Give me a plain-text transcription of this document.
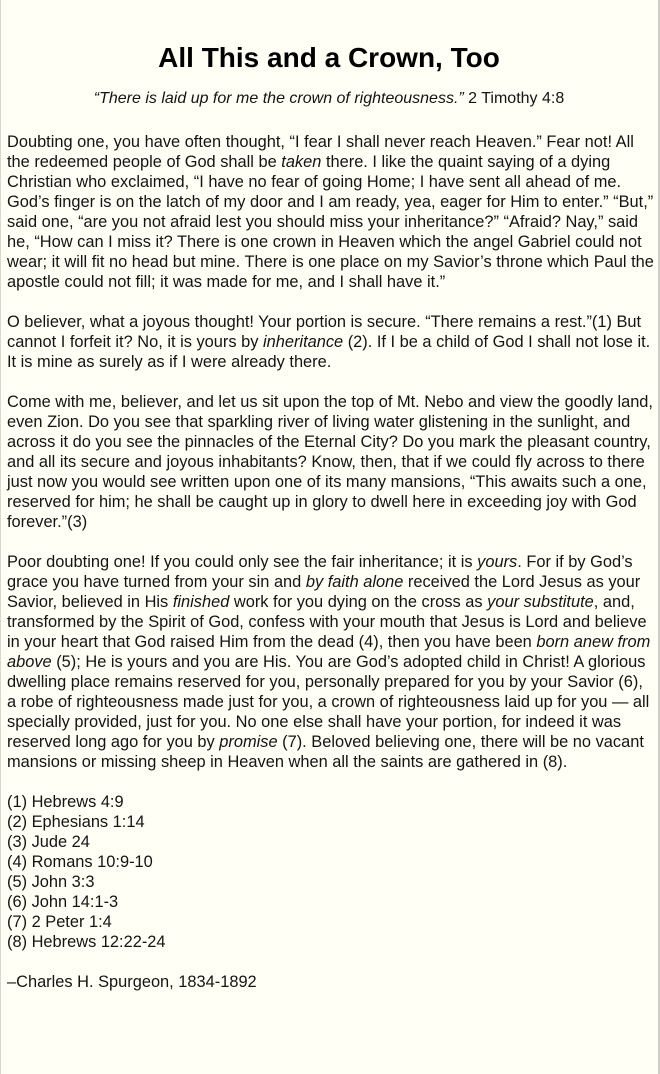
All This and a Crown, Too
“There is laid up for me the crown of righteousness.” 2 Timothy 4:8

Doubting one, you have often thought, “I fear I shall never reach Heaven.” Fear not! All the redeemed people of God shall be taken there. I like the quaint saying of a dying Christian who exclaimed, “I have no fear of going Home; I have sent all ahead of me. God’s finger is on the latch of my door and I am ready, yea, eager for Him to enter.” “But,” said one, “are you not afraid lest you should miss your inheritance?” “Afraid? Nay,” said he, “How can I miss it? There is one crown in Heaven which the angel Gabriel could not wear; it will fit no head but mine. There is one place on my Savior’s throne which Paul the apostle could not fill; it was made for me, and I shall have it.”

O believer, what a joyous thought! Your portion is secure. “There remains a rest.”(1) But cannot I forfeit it? No, it is yours by inheritance (2). If I be a child of God I shall not lose it. It is mine as surely as if I were already there.

Come with me, believer, and let us sit upon the top of Mt. Nebo and view the goodly land, even Zion. Do you see that sparkling river of living water glistening in the sunlight, and across it do you see the pinnacles of the Eternal City? Do you mark the pleasant country, and all its secure and joyous inhabitants? Know, then, that if we could fly across to there just now you would see written upon one of its many mansions, “This awaits such a one, reserved for him; he shall be caught up in glory to dwell here in exceeding joy with God forever.”(3)

Poor doubting one! If you could only see the fair inheritance; it is yours. For if by God’s grace you have turned from your sin and by faith alone received the Lord Jesus as your Savior, believed in His finished work for you dying on the cross as your substitute, and, transformed by the Spirit of God, confess with your mouth that Jesus is Lord and believe in your heart that God raised Him from the dead (4), then you have been born anew from above (5); He is yours and you are His. You are God’s adopted child in Christ! A glorious dwelling place remains reserved for you, personally prepared for you by your Savior (6), a robe of righteousness made just for you, a crown of righteousness laid up for you — all specially provided, just for you. No one else shall have your portion, for indeed it was reserved long ago for you by promise (7). Beloved believing one, there will be no vacant mansions or missing sheep in Heaven when all the saints are gathered in (8).

(1) Hebrews 4:9
(2) Ephesians 1:14
(3) Jude 24
(4) Romans 10:9-10
(5) John 3:3
(6) John 14:1-3
(7) 2 Peter 1:4
(8) Hebrews 12:22-24

–Charles H. Spurgeon, 1834-1892
